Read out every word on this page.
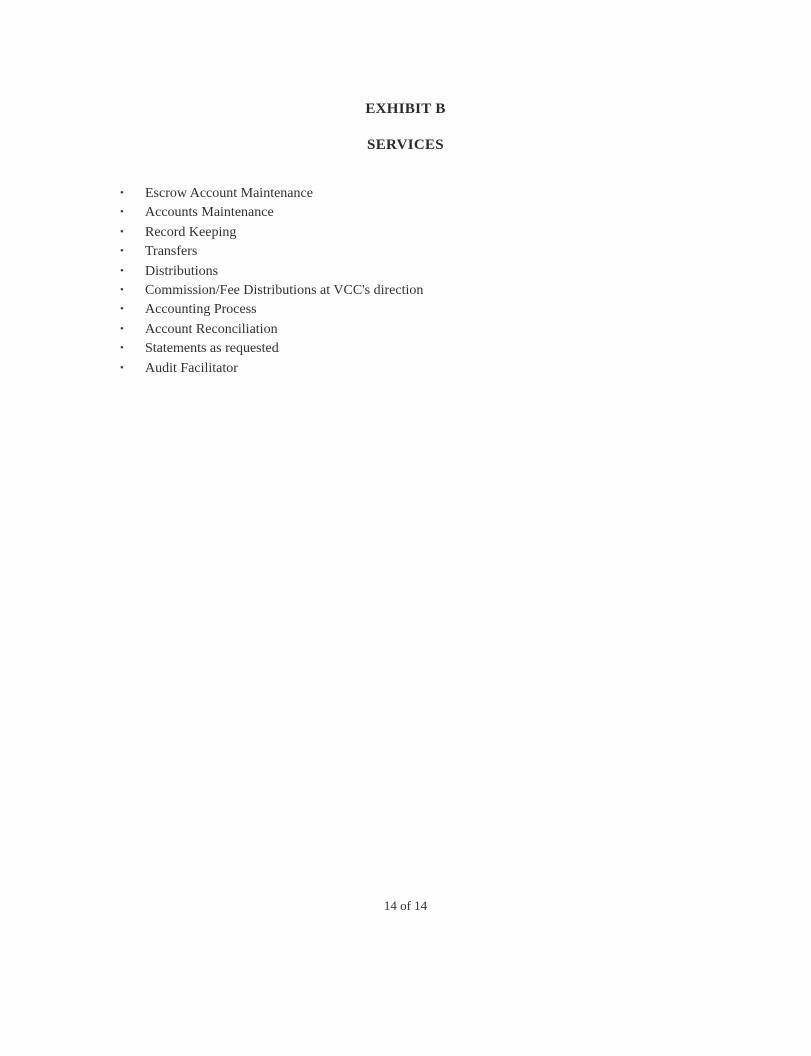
EXHIBIT B
SERVICES
• Escrow Account Maintenance
• Accounts Maintenance
• Record Keeping
• Transfers
• Distributions
• Commission/Fee Distributions at VCC's direction
• Accounting Process
• Account Reconciliation
• Statements as requested
• Audit Facilitator
14 of 14
